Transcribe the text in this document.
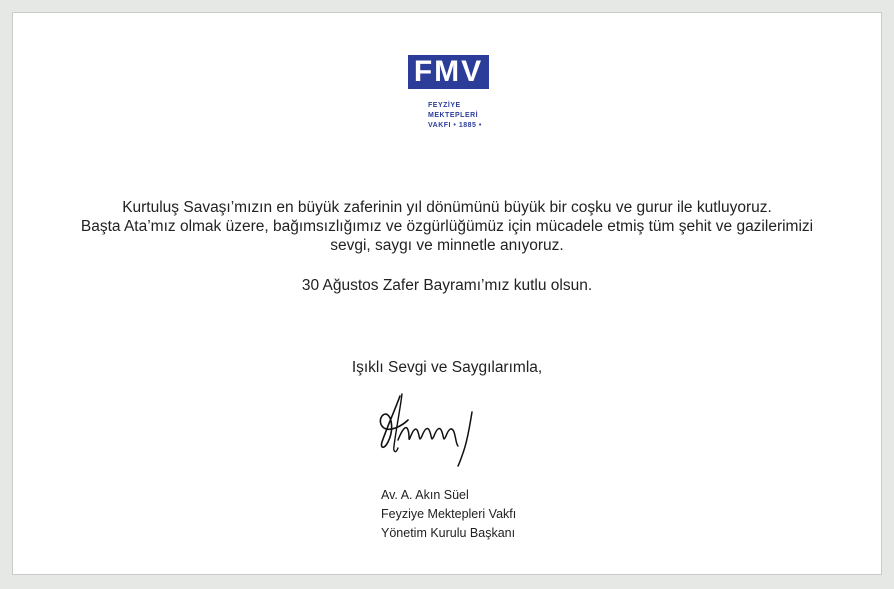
FMV
FEYZİYE
MEKTEPLERİ
VAKFI • 1885 •
Kurtuluş Savaşı’mızın en büyük zaferinin yıl dönümünü büyük bir coşku ve gurur ile kutluyoruz.
Başta Ata’mız olmak üzere, bağımsızlığımız ve özgürlüğümüz için mücadele etmiş tüm şehit ve gazilerimizi
sevgi, saygı ve minnetle anıyoruz.
30 Ağustos Zafer Bayramı’mız kutlu olsun.
Işıklı Sevgi ve Saygılarımla,
Av. A. Akın Süel
Feyziye Mektepleri Vakfı
Yönetim Kurulu Başkanı
